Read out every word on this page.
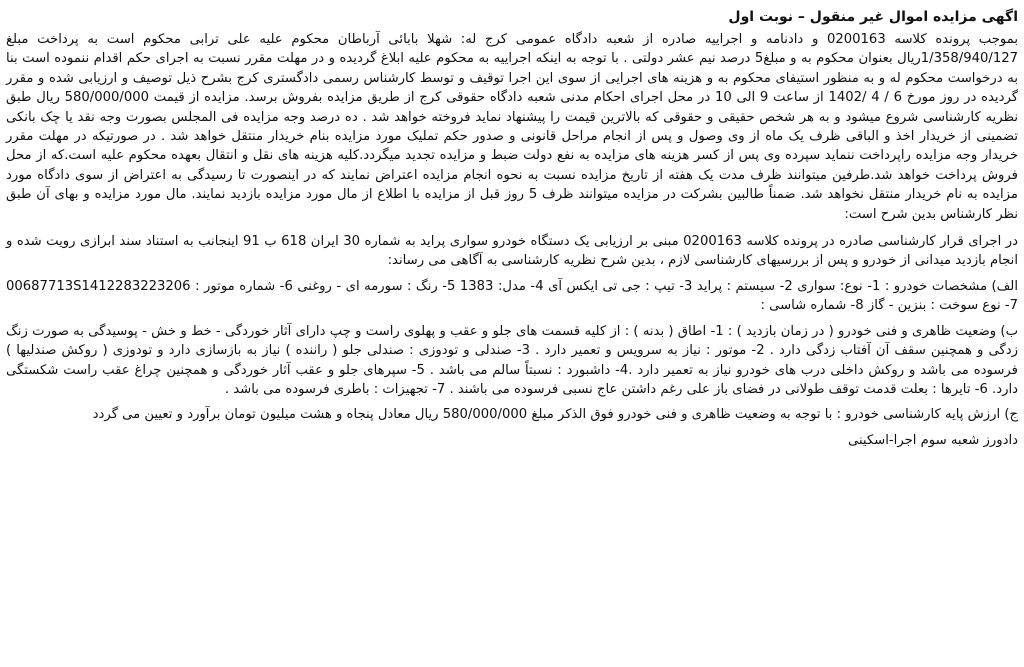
اگهی مزایده اموال غیر منقول – نوبت اول

بموجب پرونده کلاسه 0200163 و دادنامه و اجراییه صادره از شعبه دادگاه عمومی کرج له: شهلا بابائی آرباطان محکوم علیه علی ترابی محکوم است به پرداخت مبلغ 1/358/940/127ریال بعنوان محکوم به و مبلغ5 درصد نیم عشر دولتی . با توجه به اینکه اجراییه به محکوم علیه ابلاغ گردیده و در مهلت مقرر نسبت به اجرای حکم اقدام ننموده است بنا به درخواست محکوم له و به منظور استیفای محکوم به و هزینه های اجرایی از سوی این اجرا توقیف و توسط کارشناس رسمی دادگستری کرج بشرح ذیل توصیف و ارزیابی شده و مقرر گردیده در روز مورخ 6 / 4 /1402 از ساعت 9 الی 10 در محل اجرای احکام مدنی شعبه دادگاه حقوقی کرج از طریق مزایده بفروش برسد. مزایده از قیمت 580/000/000 ریال طبق نظریه کارشناسی شروع میشود و به هر شخص حقیقی و حقوقی که بالاترین قیمت را پیشنهاد نماید فروخته خواهد شد . ده درصد وجه مزایده فی المجلس بصورت وجه نقد یا چک بانکی تضمینی از خریدار اخذ و الباقی ظرف یک ماه از وی وصول و پس از انجام مراحل قانونی و صدور حکم تملیک مورد مزایده بنام خریدار منتقل خواهد شد . در صورتیکه در مهلت مقرر خریدار وجه مزایده راپرداخت ننماید سپرده وی پس از کسر هزینه های مزایده به نفع دولت ضبط و مزایده تجدید میگردد.کلیه هزینه های نقل و انتقال بعهده محکوم علیه است.که از محل فروش پرداخت خواهد شد.طرفین میتوانند ظرف مدت یک هفته از تاریخ مزایده نسبت به نحوه انجام مزایده اعتراض نمایند که در اینصورت تا رسیدگی به اعتراض از سوی دادگاه مورد مزایده به نام خریدار منتقل نخواهد شد. ضمناً طالبین بشرکت در مزایده میتوانند ظرف 5 روز قبل از مزایده با اطلاع از مال مورد مزایده بازدید نمایند. مال مورد مزایده و بهای آن طبق نظر کارشناس بدین شرح است:

در اجرای قرار کارشناسی صادره در پرونده کلاسه 0200163 مبنی بر ارزیابی یک دستگاه خودرو سواری پراید به شماره 30 ایران 618 ب 91 اینجانب به استناد سند ابرازی رویت شده و انجام بازدید میدانی از خودرو و پس از بررسیهای کارشناسی لازم ، بدین شرح نظریه کارشناسی به آگاهی می رساند:

الف) مشخصات خودرو : 1- نوع: سواری 2- سیستم : پراید 3- تیپ : جی تی ایکس آی 4- مدل: 1383 5- رنگ : سورمه ای - روغنی 6- شماره موتور : 00687713S1412283223206 7- نوع سوخت : بنزین - گاز 8- شماره شاسی :

ب) وضعیت ظاهری و فنی خودرو ( در زمان بازدید ) : 1- اطاق ( بدنه ) : از کلیه قسمت های جلو و عقب و پهلوی راست و چپ دارای آثار خوردگی - خط و خش - پوسیدگی به صورت زنگ زدگی و همچنین سقف آن آفتاب زدگی دارد . 2- موتور : نیاز به سرویس و تعمیر دارد . 3- صندلی و تودوزی : صندلی جلو ( راننده ) نیاز به بازسازی دارد و تودوزی ( روکش صندلیها ) فرسوده می باشد و روکش داخلی درب های خودرو نیاز به تعمیر دارد .4- داشبورد : نسبتاً سالم می باشد . 5- سپرهای جلو و عقب آثار خوردگی و همچنین چراغ عقب راست شکستگی دارد. 6- تایرها : بعلت قدمت توقف طولانی در فضای باز علی رغم داشتن عاج نسبی فرسوده می باشند . 7- تجهیزات : باطری فرسوده می باشد .

ج) ارزش پایه کارشناسی خودرو : با توجه به وضعیت ظاهری و فنی خودرو فوق الذکر مبلغ 580/000/000 ریال معادل پنجاه و هشت میلیون تومان برآورد و تعیین می گردد

دادورز شعبه سوم اجرا-اسکینی
